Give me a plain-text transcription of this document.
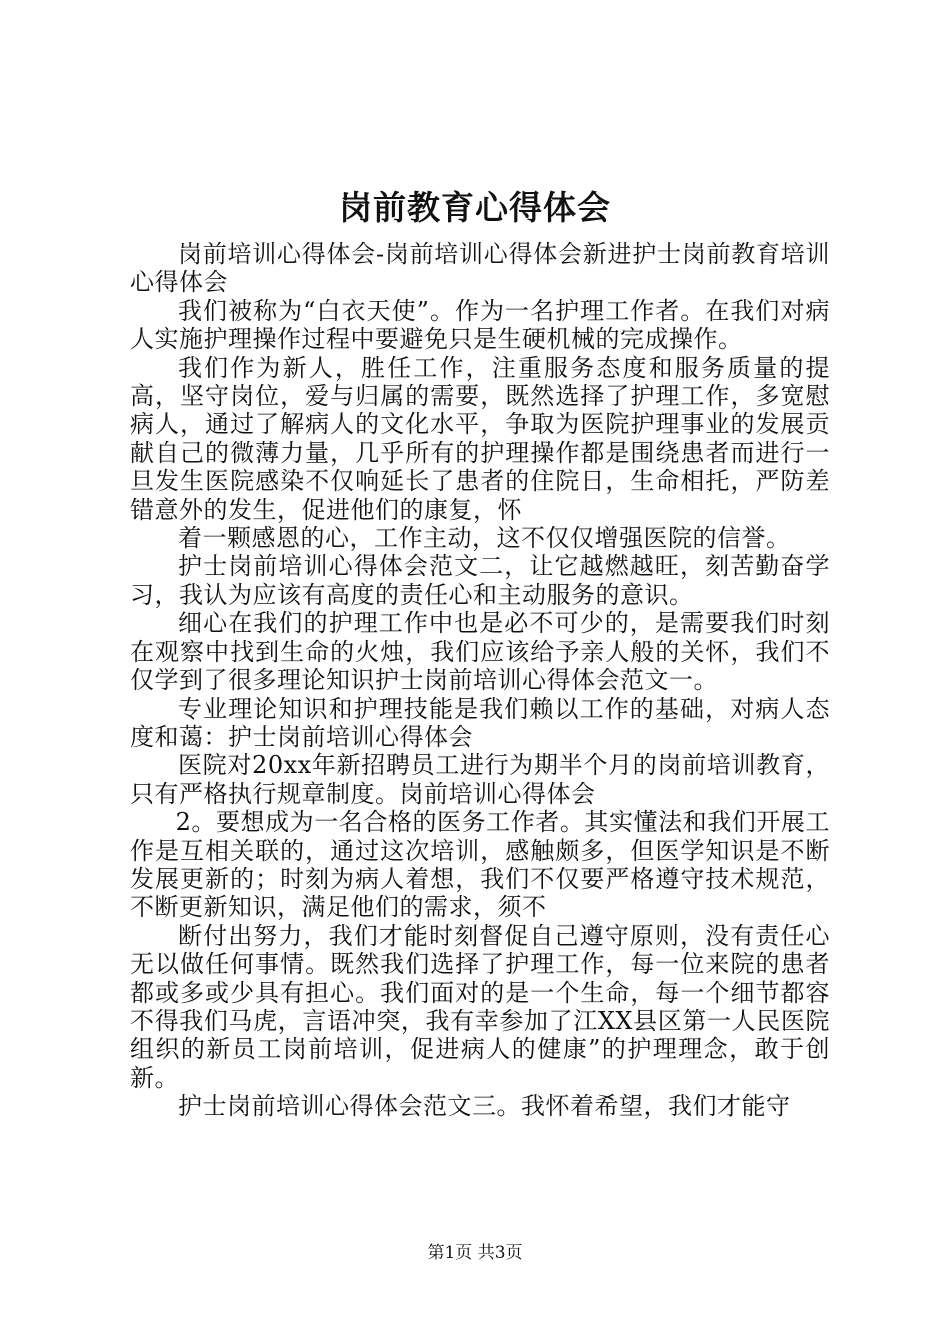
岗前教育心得体会

岗前培训心得体会-岗前培训心得体会新进护士岗前教育培训心得体会

我们被称为“白衣天使”。作为一名护理工作者。在我们对病人实施护理操作过程中要避免只是生硬机械的完成操作。

我们作为新人，胜任工作，注重服务态度和服务质量的提高，坚守岗位，爱与归属的需要，既然选择了护理工作，多宽慰病人，通过了解病人的文化水平，争取为医院护理事业的发展贡献自己的微薄力量，几乎所有的护理操作都是围绕患者而进行一旦发生医院感染不仅响延长了患者的住院日，生命相托，严防差错意外的发生，促进他们的康复，怀

着一颗感恩的心，工作主动，这不仅仅增强医院的信誉。

护士岗前培训心得体会范文二，让它越燃越旺，刻苦勤奋学习，我认为应该有高度的责任心和主动服务的意识。

细心在我们的护理工作中也是必不可少的，是需要我们时刻在观察中找到生命的火烛，我们应该给予亲人般的关怀，我们不仅学到了很多理论知识护士岗前培训心得体会范文一。

专业理论知识和护理技能是我们赖以工作的基础，对病人态度和蔼：护士岗前培训心得体会

医院对20xx年新招聘员工进行为期半个月的岗前培训教育，只有严格执行规章制度。岗前培训心得体会

2。要想成为一名合格的医务工作者。其实懂法和我们开展工作是互相关联的，通过这次培训，感触颇多，但医学知识是不断发展更新的；时刻为病人着想，我们不仅要严格遵守技术规范，不断更新知识，满足他们的需求，须不

断付出努力，我们才能时刻督促自己遵守原则，没有责任心无以做任何事情。既然我们选择了护理工作，每一位来院的患者都或多或少具有担心。我们面对的是一个生命，每一个细节都容不得我们马虎，言语冲突，我有幸参加了江XX县区第一人民医院组织的新员工岗前培训，促进病人的健康”的护理理念，敢于创新。

护士岗前培训心得体会范文三。我怀着希望，我们才能守

第1页 共3页
